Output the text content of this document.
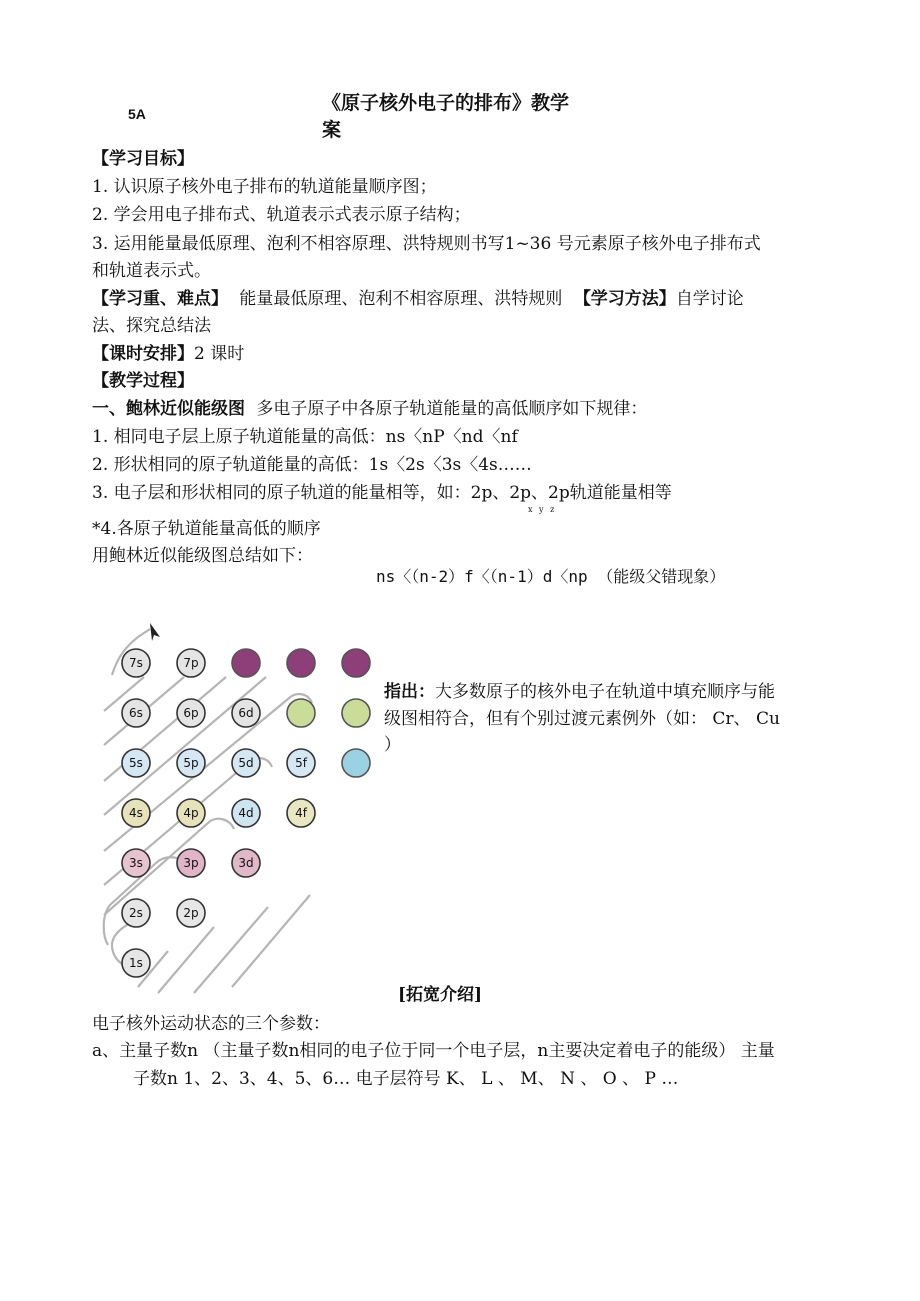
5A	《原子核外电子的排布》教学
案
【学习目标】
1. 认识原子核外电子排布的轨道能量顺序图；
2. 学会用电子排布式、轨道表示式表示原子结构；
3. 运用能量最低原理、泡利不相容原理、洪特规则书写1~36 号元素原子核外电子排布式
和轨道表示式。
【学习重、难点】 能量最低原理、泡利不相容原理、洪特规则 【学习方法】自学讨论
法、探究总结法
【课时安排】2 课时
【教学过程】
一、鲍林近似能级图 多电子原子中各原子轨道能量的高低顺序如下规律：
1. 相同电子层上原子轨道能量的高低：ns〈nP〈nd〈nf
2. 形状相同的原子轨道能量的高低：1s〈2s〈3s〈4s……
3. 电子层和形状相同的原子轨道的能量相等，如：2p、2p、2p轨道能量相等
x y z
*4.各原子轨道能量高低的顺序
用鲍林近似能级图总结如下：
ns〈（n-2）f〈（n-1）d〈np （能级父错现象）
7s	7p
6s	6p	6d
5s	5p	5d	5f
4s	4p	4d	4f
3s	3p	3d
2s	2p
1s
指出：大多数原子的核外电子在轨道中填充顺序与能
级图相符合，但有个别过渡元素例外（如： Cr、 Cu
）
[拓宽介绍]
电子核外运动状态的三个参数：
a、主量子数n （主量子数n相同的电子位于同一个电子层，n主要决定着电子的能级） 主量
子数n 1、2、3、4、5、6… 电子层符号 K、 L 、 M、 N 、 O 、 P …
